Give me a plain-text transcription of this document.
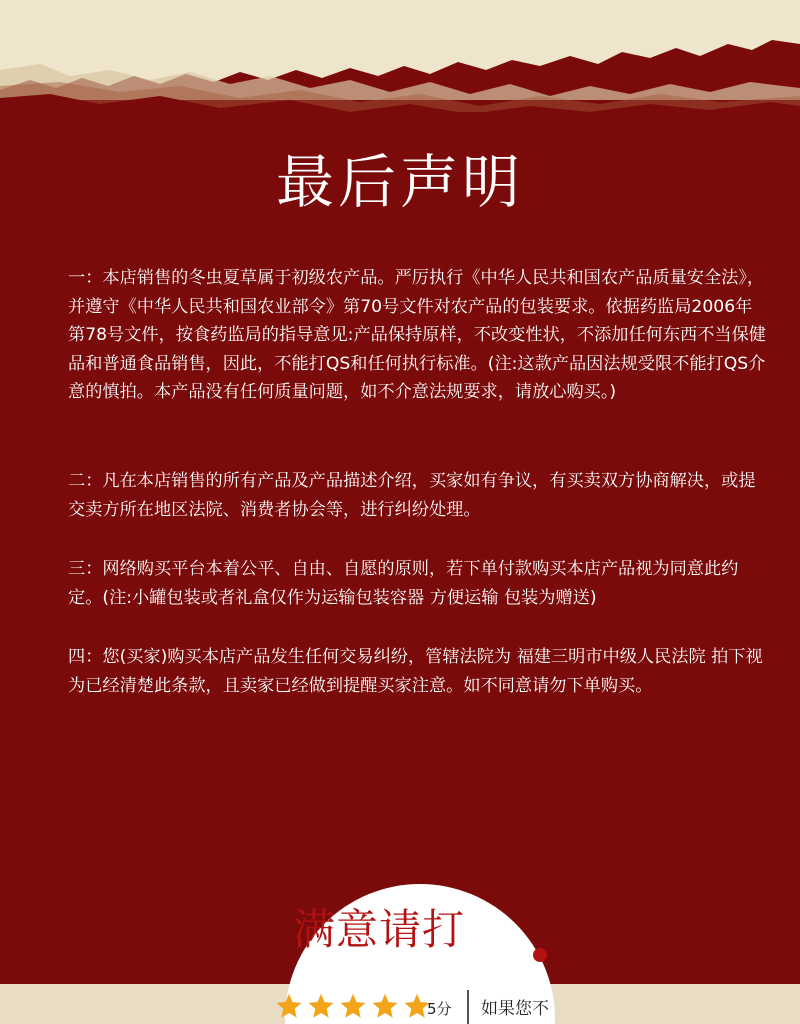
最后声明

一：本店销售的冬虫夏草属于初级农产品。严厉执行《中华人民共和国农产品质量安全法》，并遵守《中华人民共和国农业部令》第70号文件对农产品的包装要求。依据药监局2006年第78号文件，按食药监局的指导意见:产品保持原样，不改变性状，不添加任何东西不当保健品和普通食品销售，因此，不能打QS和任何执行标准。(注:这款产品因法规受限不能打QS介意的慎拍。本产品没有任何质量问题，如不介意法规要求，请放心购买。)

二：凡在本店销售的所有产品及产品描述介绍，买家如有争议，有买卖双方协商解决，或提交卖方所在地区法院、消费者协会等，进行纠纷处理。

三：网络购买平台本着公平、自由、自愿的原则，若下单付款购买本店产品视为同意此约定。(注:小罐包装或者礼盒仅作为运输包装容器 方便运输 包装为赠送)

四：您(买家)购买本店产品发生任何交易纠纷，管辖法院为 福建三明市中级人民法院 拍下视为已经清楚此条款，且卖家已经做到提醒买家注意。如不同意请勿下单购买。

满意请打
5分 如果您不
